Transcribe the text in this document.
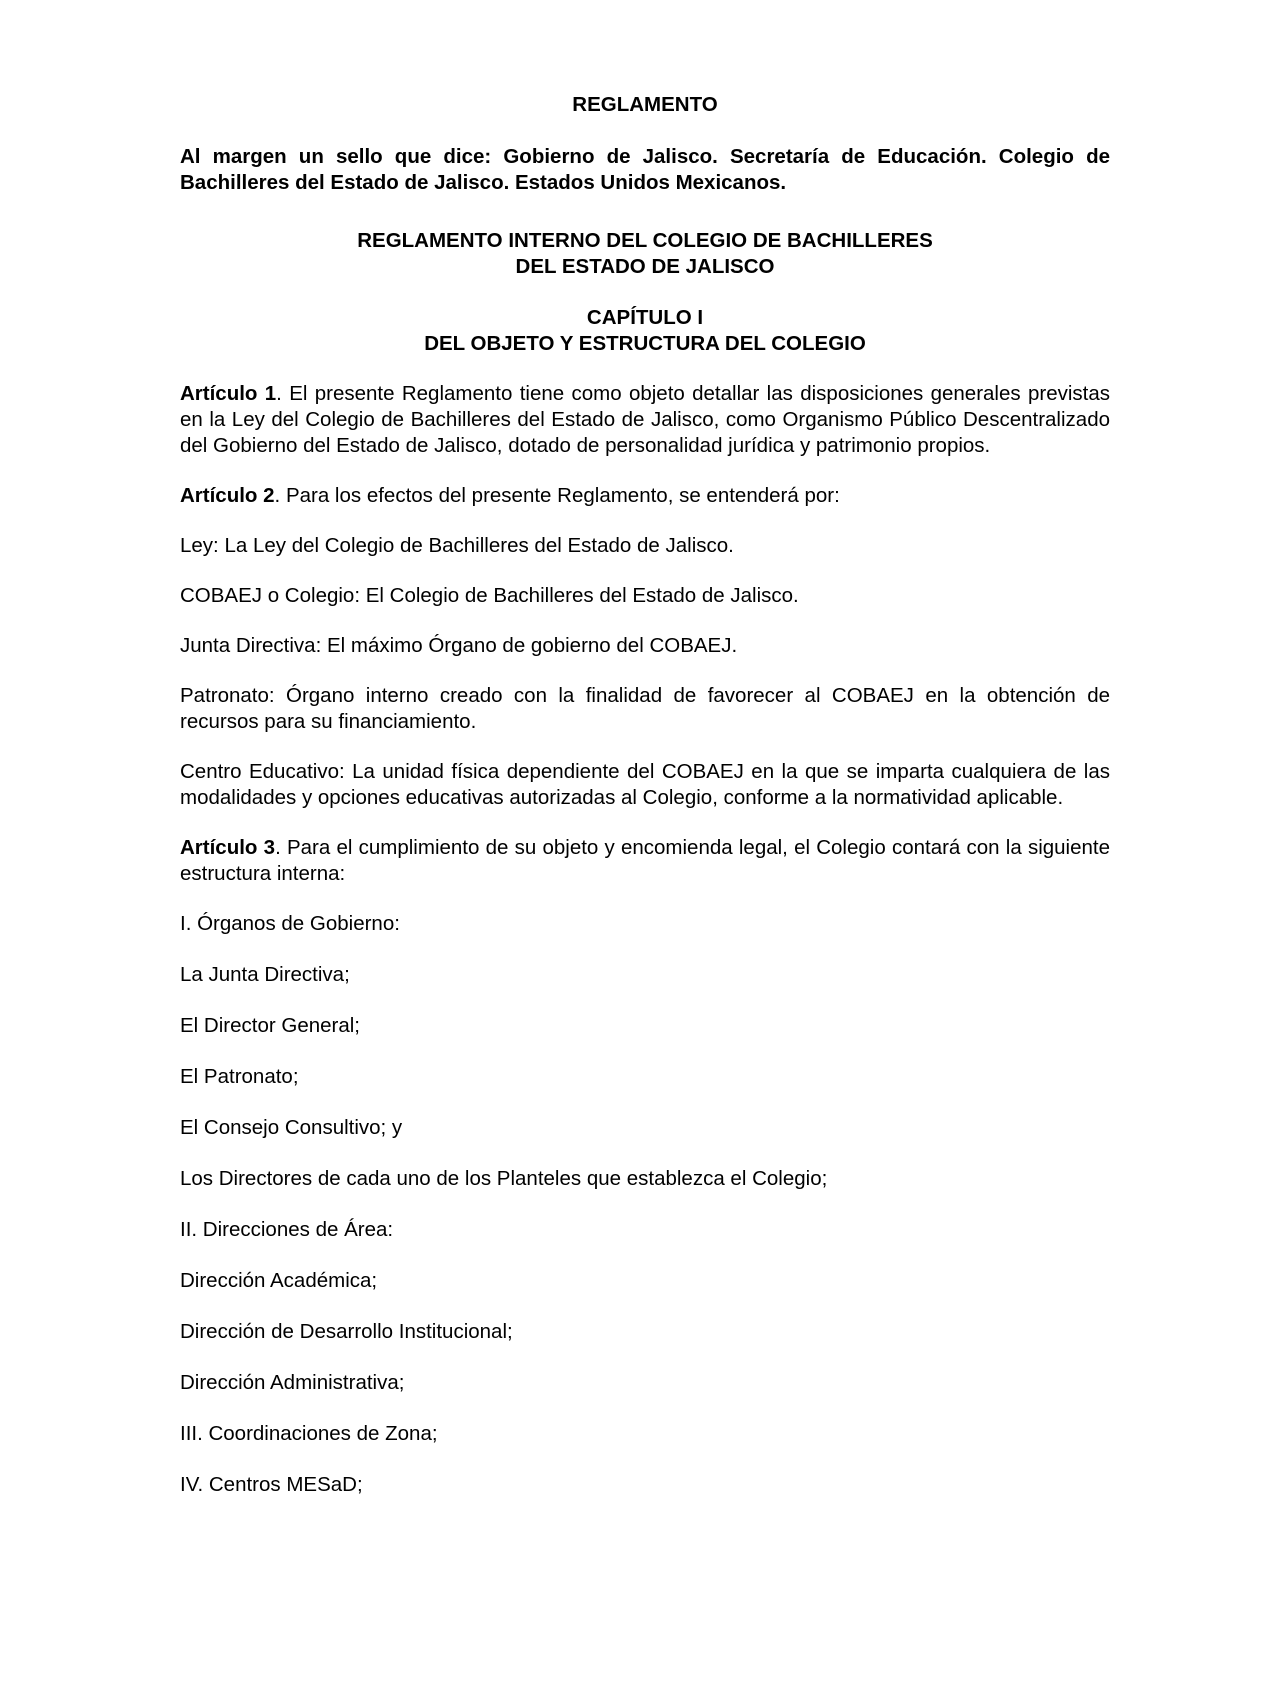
REGLAMENTO

Al margen un sello que dice: Gobierno de Jalisco. Secretaría de Educación. Colegio de Bachilleres del Estado de Jalisco. Estados Unidos Mexicanos.

REGLAMENTO INTERNO DEL COLEGIO DE BACHILLERES
DEL ESTADO DE JALISCO
CAPÍTULO I
DEL OBJETO Y ESTRUCTURA DEL COLEGIO

Artículo 1. El presente Reglamento tiene como objeto detallar las disposiciones generales previstas en la Ley del Colegio de Bachilleres del Estado de Jalisco, como Organismo Público Descentralizado del Gobierno del Estado de Jalisco, dotado de personalidad jurídica y patrimonio propios.

Artículo 2. Para los efectos del presente Reglamento, se entenderá por:

Ley: La Ley del Colegio de Bachilleres del Estado de Jalisco.

COBAEJ o Colegio: El Colegio de Bachilleres del Estado de Jalisco.

Junta Directiva: El máximo Órgano de gobierno del COBAEJ.

Patronato: Órgano interno creado con la finalidad de favorecer al COBAEJ en la obtención de recursos para su financiamiento.

Centro Educativo: La unidad física dependiente del COBAEJ en la que se imparta cualquiera de las modalidades y opciones educativas autorizadas al Colegio, conforme a la normatividad aplicable.

Artículo 3. Para el cumplimiento de su objeto y encomienda legal, el Colegio contará con la siguiente estructura interna:

I. Órganos de Gobierno:

La Junta Directiva;

El Director General;

El Patronato;

El Consejo Consultivo; y

Los Directores de cada uno de los Planteles que establezca el Colegio;

II. Direcciones de Área:

Dirección Académica;

Dirección de Desarrollo Institucional;

Dirección Administrativa;

III. Coordinaciones de Zona;

IV. Centros MESaD;
